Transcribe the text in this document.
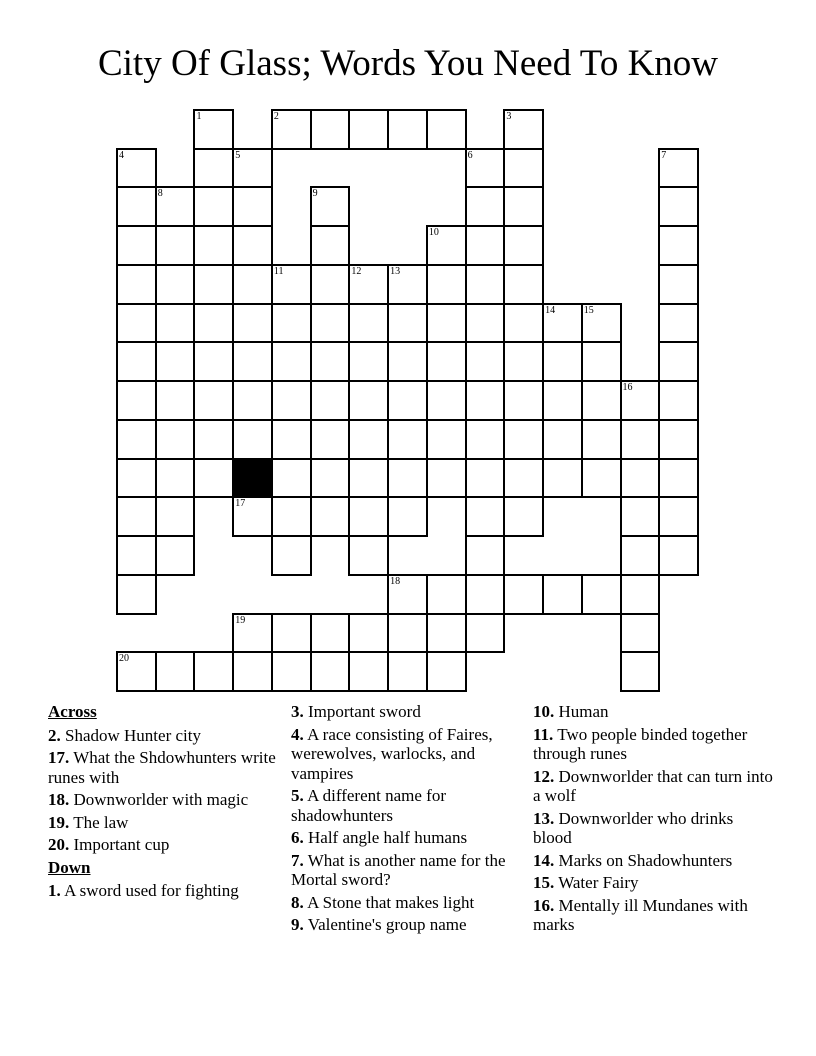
City Of Glass; Words You Need To Know
1	2	3
4	5	6	7
8	9
10
11	12	13
14	15
16
17
18
19
20
Across
2. Shadow Hunter city
17. What the Shdowhunters write runes with
18. Downworlder with magic
19. The law
20. Important cup
Down
1. A sword used for fighting
3. Important sword
4. A race consisting of Faires, werewolves, warlocks, and vampires
5. A different name for shadowhunters
6. Half angle half humans
7. What is another name for the Mortal sword?
8. A Stone that makes light
9. Valentine's group name
10. Human
11. Two people binded together through runes
12. Downworlder that can turn into a wolf
13. Downworlder who drinks blood
14. Marks on Shadowhunters
15. Water Fairy
16. Mentally ill Mundanes with marks
